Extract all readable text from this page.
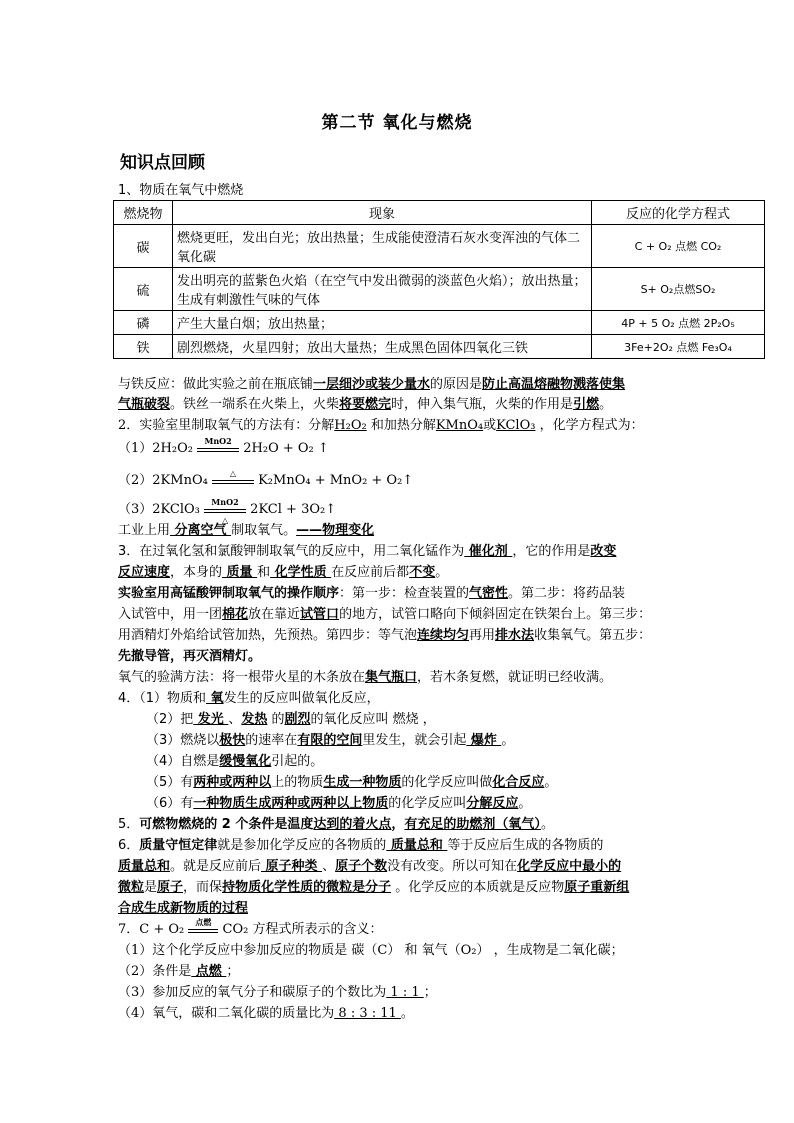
第二节 氧化与燃烧
知识点回顾
1、物质在氧气中燃烧
燃烧物	现象	反应的化学方程式
碳	燃烧更旺，发出白光；放出热量；生成能使澄清石灰水变浑浊的气体二氧化碳	C + O₂ 点燃 CO₂
硫	发出明亮的蓝紫色火焰（在空气中发出微弱的淡蓝色火焰）；放出热量；生成有刺激性气味的气体	S+ O₂点燃SO₂
磷	产生大量白烟；放出热量；	4P + 5 O₂ 点燃 2P₂O₅
铁	剧烈燃烧，火星四射；放出大量热；生成黑色固体四氧化三铁	3Fe+2O₂ 点燃 Fe₃O₄
与铁反应：做此实验之前在瓶底铺一层细沙或装少量水的原因是防止高温熔融物溅落使集
气瓶破裂。铁丝一端系在火柴上，火柴将要燃完时，伸入集气瓶，火柴的作用是引燃。
2．实验室里制取氧气的方法有：分解H₂O₂ 和加热分解KMnO₄或KClO₃ ，化学方程式为：
（1）2H₂O₂	MnO2 2H₂O + O₂ ↑
（2）2KMnO₄	△	K₂MnO₄ + MnO₂ + O₂↑
（3）2KClO₃	MnO2
△
2KCl + 3O₂↑
工业上用 分离空气 制取氧气。——物理变化
3．在过氧化氢和氯酸钾制取氧气的反应中，用二氧化锰作为 催化剂 ，它的作用是改变
反应速度，本身的 质量 和 化学性质 在反应前后都不变。
实验室用高锰酸钾制取氧气的操作顺序：第一步：检查装置的气密性。第二步：将药品装
入试管中，用一团棉花放在靠近试管口的地方，试管口略向下倾斜固定在铁架台上。第三步：
用酒精灯外焰给试管加热，先预热。第四步：等气泡连续均匀再用排水法收集氧气。第五步：
先撤导管，再灭酒精灯。
氧气的验满方法：将一根带火星的木条放在集气瓶口，若木条复燃，就证明已经收满。
4．（1）物质和 氧发生的反应叫做氧化反应，
（2）把 发光 、发热 的剧烈的氧化反应叫 燃烧 ，
（3）燃烧以极快的速率在有限的空间里发生，就会引起 爆炸 。
（4）自燃是缓慢氧化引起的。
（5）有两种或两种以上的物质生成一种物质的化学反应叫做化合反应。
（6）有一种物质生成两种或两种以上物质的化学反应叫分解反应。
5．可燃物燃烧的 2 个条件是温度达到的着火点，有充足的助燃剂（氧气）。
6．质量守恒定律就是参加化学反应的各物质的 质量总和 等于反应后生成的各物质的
质量总和。就是反应前后 原子种类 、原子个数没有改变。所以可知在化学反应中最小的
微粒是原子，而保持物质化学性质的微粒是分子 。化学反应的本质就是反应物原子重新组
合成生成新物质的过程
7．C + O₂	点燃 CO₂ 方程式所表示的含义：
（1）这个化学反应中参加反应的物质是 碳（C） 和 氧气（O₂） ，生成物是二氧化碳；
（2）条件是 点燃 ；
（3）参加反应的氧气分子和碳原子的个数比为 1 : 1 ；
（4）氧气，碳和二氧化碳的质量比为 8 : 3 : 11 。
